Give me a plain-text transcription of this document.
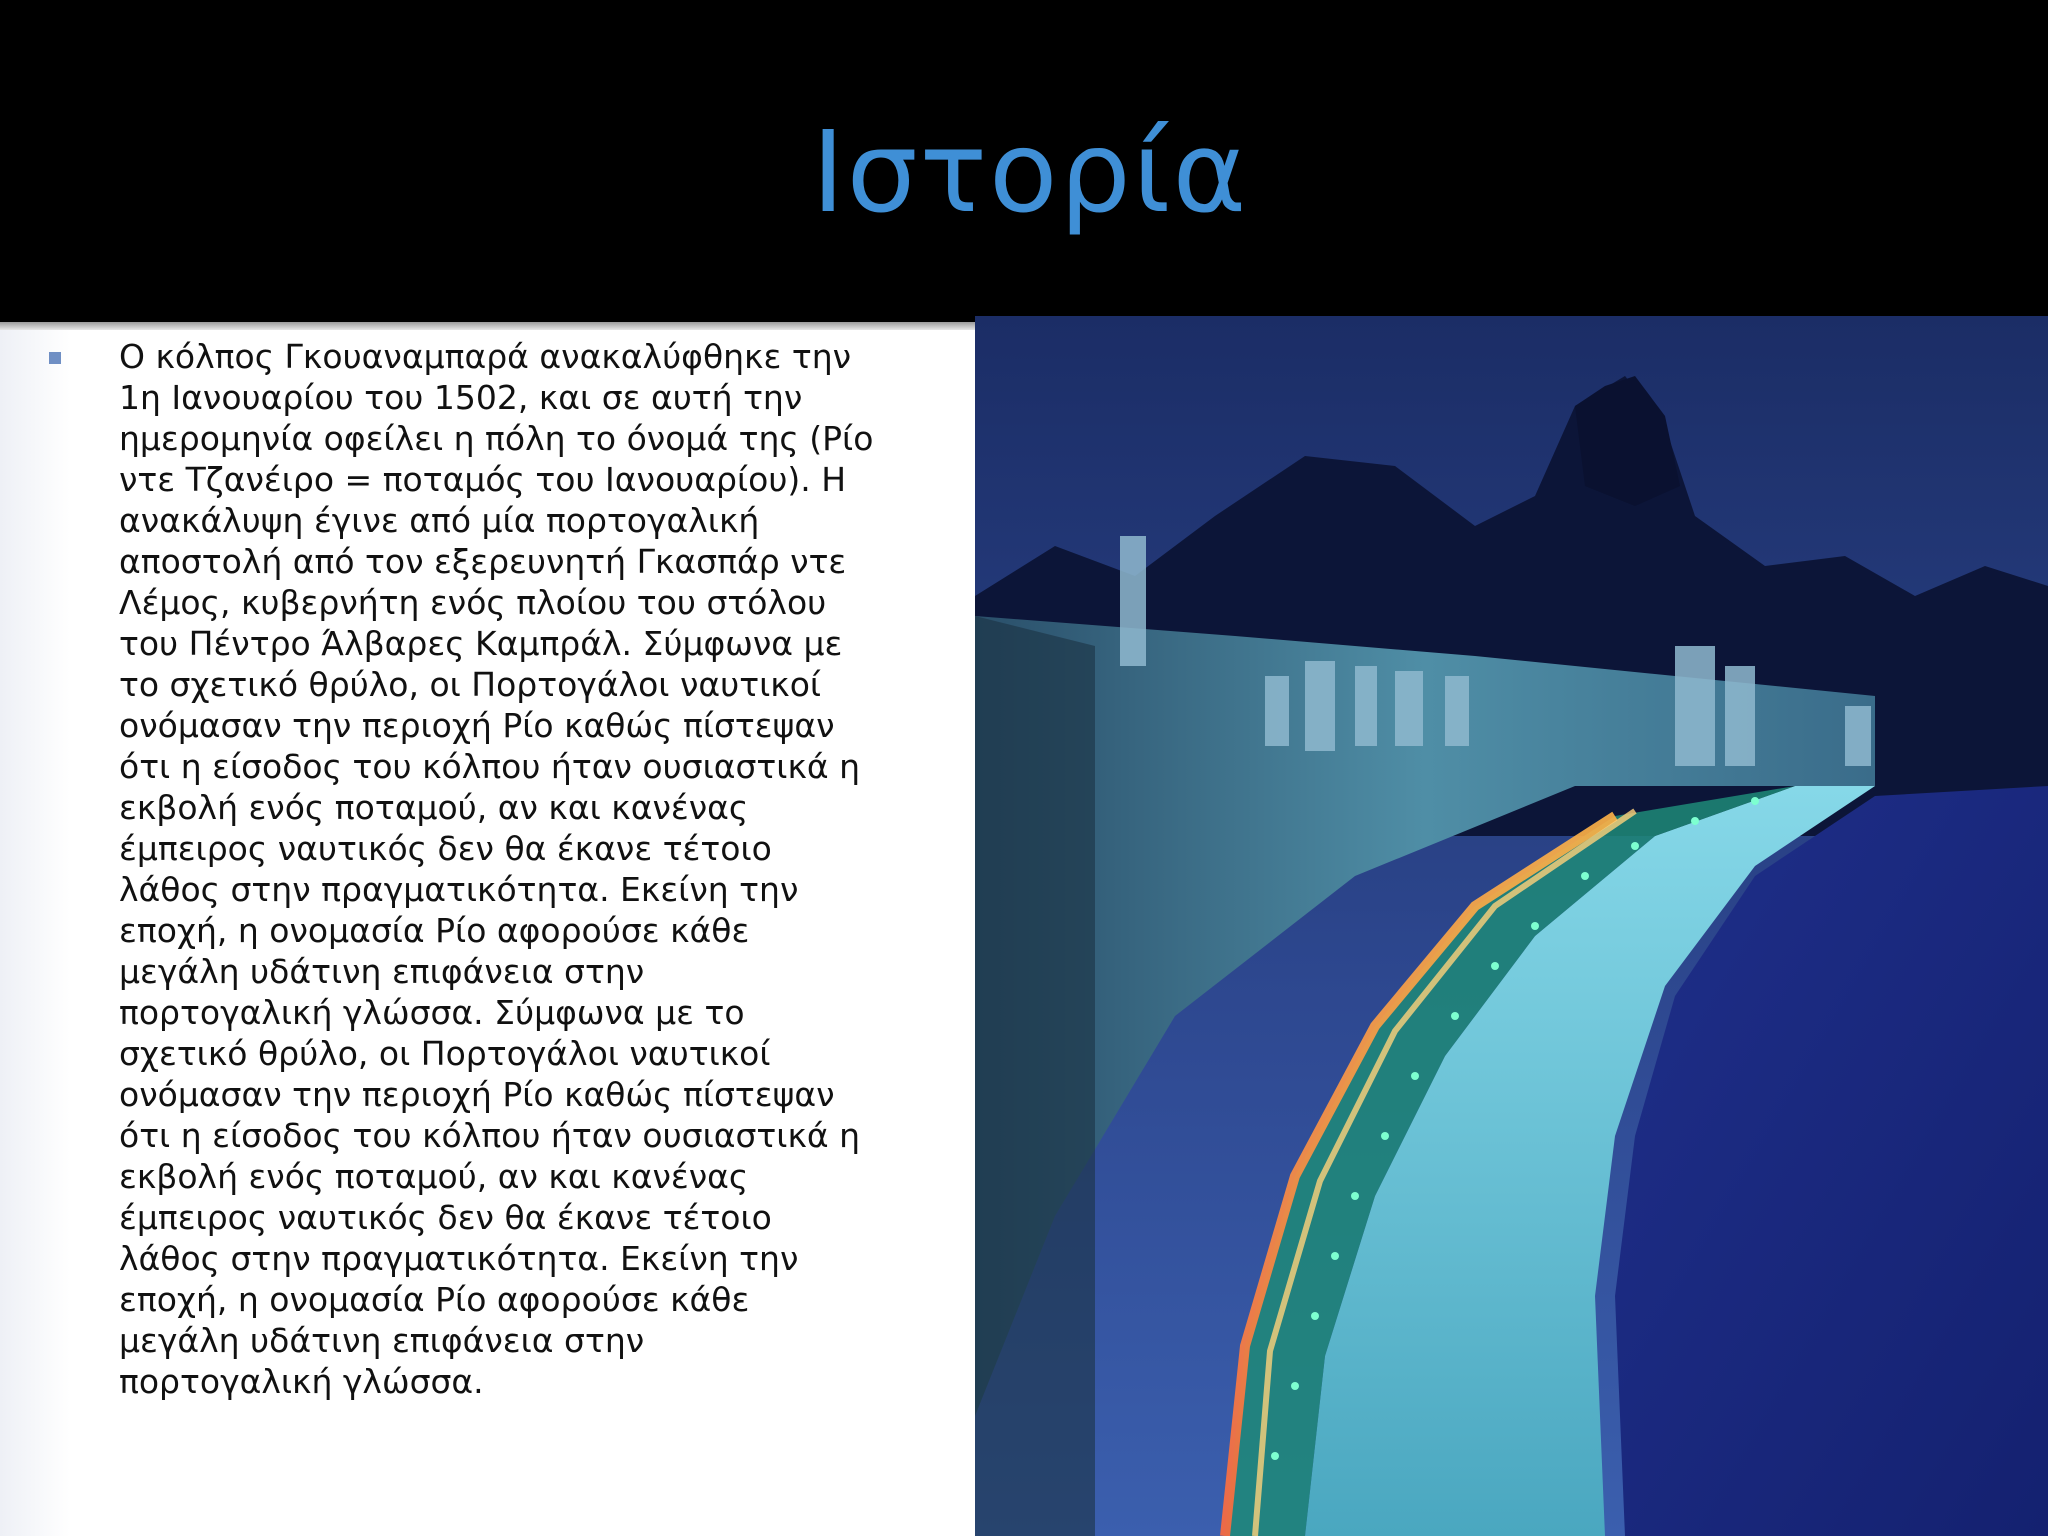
Ιστορία

Ο κόλπος Γκουαναμπαρά ανακαλύφθηκε την
1η Ιανουαρίου του 1502, και σε αυτή την
ημερομηνία οφείλει η πόλη το όνομά της (Ρίο
ντε Τζανέιρο = ποταμός του Ιανουαρίου). Η
ανακάλυψη έγινε από μία πορτογαλική
αποστολή από τον εξερευνητή Γκασπάρ ντε
Λέμος, κυβερνήτη ενός πλοίου του στόλου
του Πέντρο Άλβαρες Καμπράλ. Σύμφωνα με
το σχετικό θρύλο, οι Πορτογάλοι ναυτικοί
ονόμασαν την περιοχή Ρίο καθώς πίστεψαν
ότι η είσοδος του κόλπου ήταν ουσιαστικά η
εκβολή ενός ποταμού, αν και κανένας
έμπειρος ναυτικός δεν θα έκανε τέτοιο
λάθος στην πραγματικότητα. Εκείνη την
εποχή, η ονομασία Ρίο αφορούσε κάθε
μεγάλη υδάτινη επιφάνεια στην
πορτογαλική γλώσσα. Σύμφωνα με το
σχετικό θρύλο, οι Πορτογάλοι ναυτικοί
ονόμασαν την περιοχή Ρίο καθώς πίστεψαν
ότι η είσοδος του κόλπου ήταν ουσιαστικά η
εκβολή ενός ποταμού, αν και κανένας
έμπειρος ναυτικός δεν θα έκανε τέτοιο
λάθος στην πραγματικότητα. Εκείνη την
εποχή, η ονομασία Ρίο αφορούσε κάθε
μεγάλη υδάτινη επιφάνεια στην
πορτογαλική γλώσσα.
